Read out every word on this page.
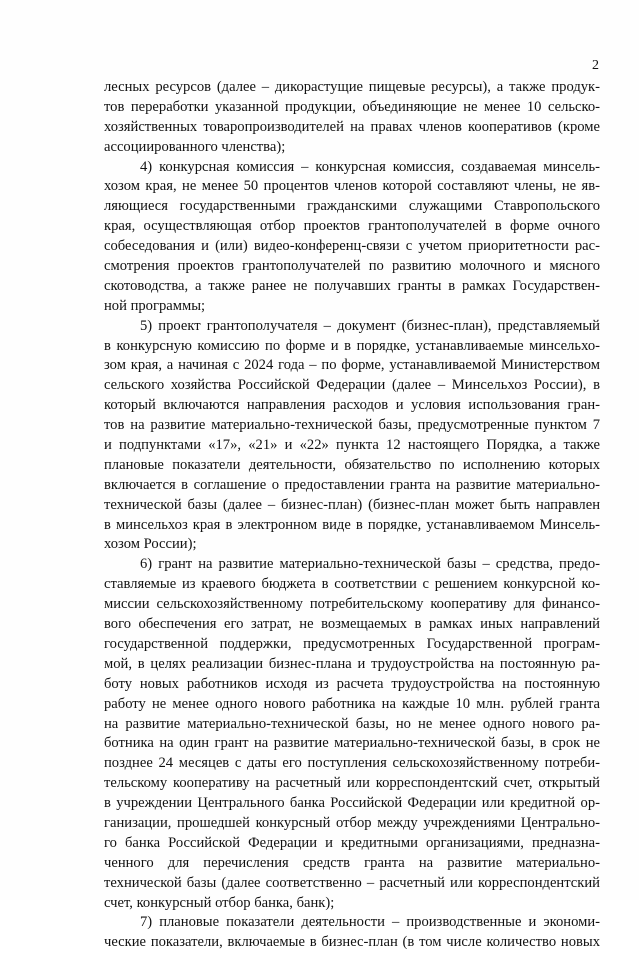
2
лесных ресурсов (далее – дикорастущие пищевые ресурсы), а также продук-
тов переработки указанной продукции, объединяющие не менее 10 сельско-
хозяйственных товаропроизводителей на правах членов кооперативов (кроме
ассоциированного членства);
4) конкурсная комиссия – конкурсная комиссия, создаваемая минсель-
хозом края, не менее 50 процентов членов которой составляют члены, не яв-
ляющиеся государственными гражданскими служащими Ставропольского
края, осуществляющая отбор проектов грантополучателей в форме очного
собеседования и (или) видео-конференц-связи с учетом приоритетности рас-
смотрения проектов грантополучателей по развитию молочного и мясного
скотоводства, а также ранее не получавших гранты в рамках Государствен-
ной программы;
5) проект грантополучателя – документ (бизнес-план), представляемый
в конкурсную комиссию по форме и в порядке, устанавливаемые минсельхо-
зом края, а начиная с 2024 года – по форме, устанавливаемой Министерством
сельского хозяйства Российской Федерации (далее – Минсельхоз России), в
который включаются направления расходов и условия использования гран-
тов на развитие материально-технической базы, предусмотренные пунктом 7
и подпунктами «17», «21» и «22» пункта 12 настоящего Порядка, а также
плановые показатели деятельности, обязательство по исполнению которых
включается в соглашение о предоставлении гранта на развитие материально-
технической базы (далее – бизнес-план) (бизнес-план может быть направлен
в минсельхоз края в электронном виде в порядке, устанавливаемом Минсель-
хозом России);
6) грант на развитие материально-технической базы – средства, предо-
ставляемые из краевого бюджета в соответствии с решением конкурсной ко-
миссии сельскохозяйственному потребительскому кооперативу для финансо-
вого обеспечения его затрат, не возмещаемых в рамках иных направлений
государственной поддержки, предусмотренных Государственной програм-
мой, в целях реализации бизнес-плана и трудоустройства на постоянную ра-
боту новых работников исходя из расчета трудоустройства на постоянную
работу не менее одного нового работника на каждые 10 млн. рублей гранта
на развитие материально-технической базы, но не менее одного нового ра-
ботника на один грант на развитие материально-технической базы, в срок не
позднее 24 месяцев с даты его поступления сельскохозяйственному потреби-
тельскому кооперативу на расчетный или корреспондентский счет, открытый
в учреждении Центрального банка Российской Федерации или кредитной ор-
ганизации, прошедшей конкурсный отбор между учреждениями Центрально-
го банка Российской Федерации и кредитными организациями, предназна-
ченного для перечисления средств гранта на развитие материально-
технической базы (далее соответственно – расчетный или корреспондентский
счет, конкурсный отбор банка, банк);
7) плановые показатели деятельности – производственные и экономи-
ческие показатели, включаемые в бизнес-план (в том числе количество новых
